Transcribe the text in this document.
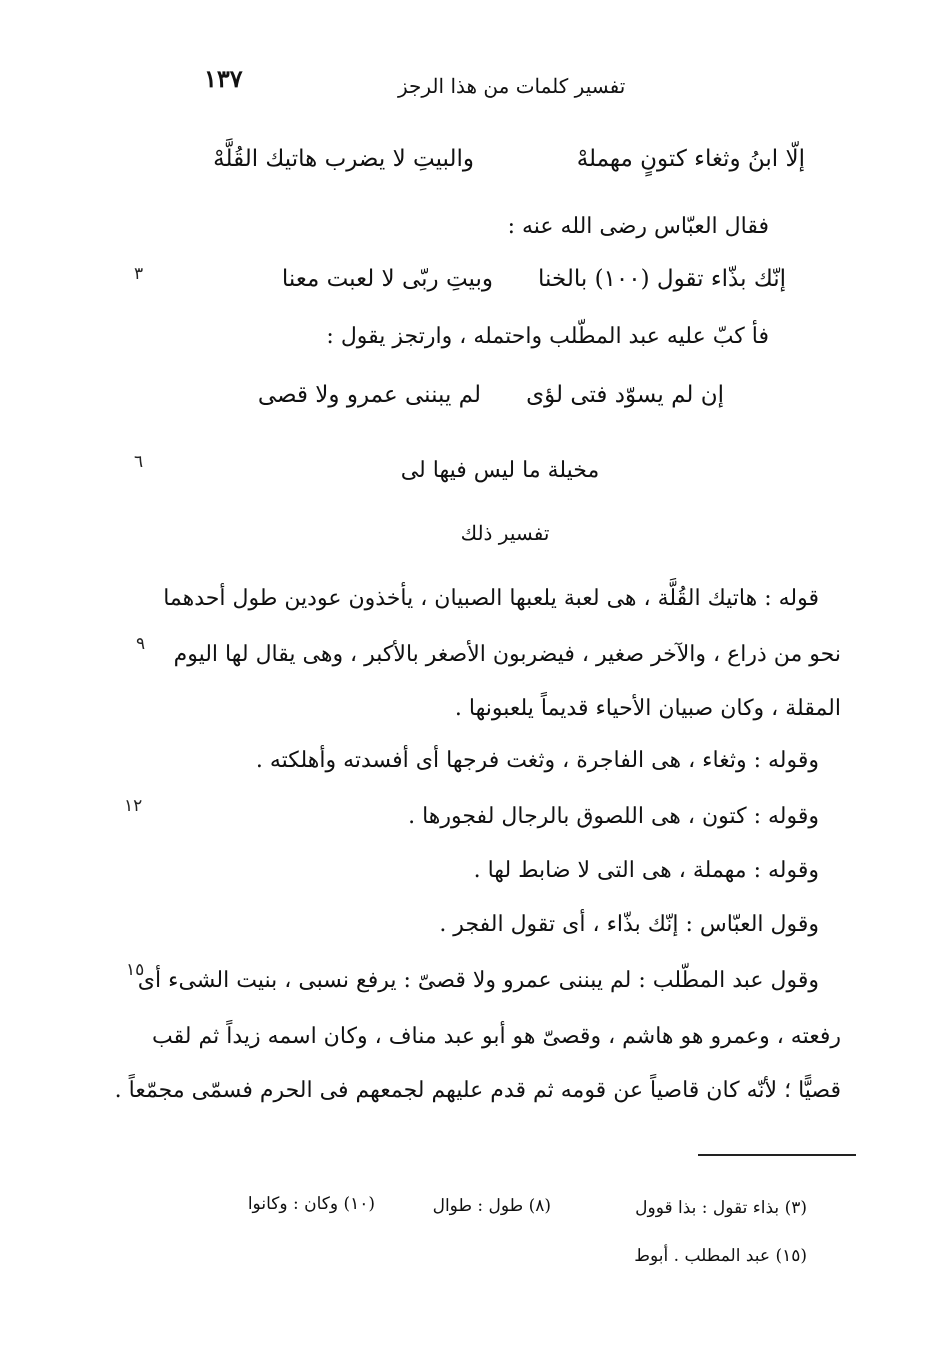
١٣٧	تفسير كلمات من هذا الرجز
إلّا ابنُ وثغاء كتونٍ مهملهْ
والبيتِ لا يضرب هاتيك القُلَّهْ
فقال العبّاس رضى الله عنه :
٣	إنّك بذّاء تقول (١٠٠) بالخنا
وبيتِ ربّى لا لعبت معنا
فأ كبّ عليه عبد المطّلب واحتمله ، وارتجز يقول :
إن لم يسوّد فتى لؤى
لم يبننى عمرو ولا قصى
٦	مخيلة ما ليس فيها لى
تفسير ذلك
قوله : هاتيك القُلَّة ، هى لعبة يلعبها الصبيان ، يأخذون عودين طول أحدهما
٩ نحو من ذراع ، والآخر صغير ، فيضربون الأصغر بالأكبر ، وهى يقال لها اليوم
المقلة ، وكان صبيان الأحياء قديماً يلعبونها .
وقوله : وثغاء ، هى الفاجرة ، وثغت فرجها أى أفسدته وأهلكته .
١٢	وقوله : كتون ، هى اللصوق بالرجال لفجورها .
وقوله : مهملة ، هى التى لا ضابط لها .
وقول العبّاس : إنّك بذّاء ، أى تقول الفجر .
١٥
وقول عبد المطّلب : لم يبننى عمرو ولا قصىّ : يرفع نسبى ، بنيت الشىء أى
رفعته ، وعمرو هو هاشم ، وقصىّ هو أبو عبد مناف ، وكان اسمه زيداً ثم لقب
قصيًّا ؛ لأنّه كان قاصياً عن قومه ثم قدم عليهم لجمعهم فى الحرم فسمّى مجمّعاً .
(٣) بذاء تقول : بذا قوول
(٨) طول : طوال
(١٠) وكان : وكانوا
(١٥) عبد المطلب . أبوط
